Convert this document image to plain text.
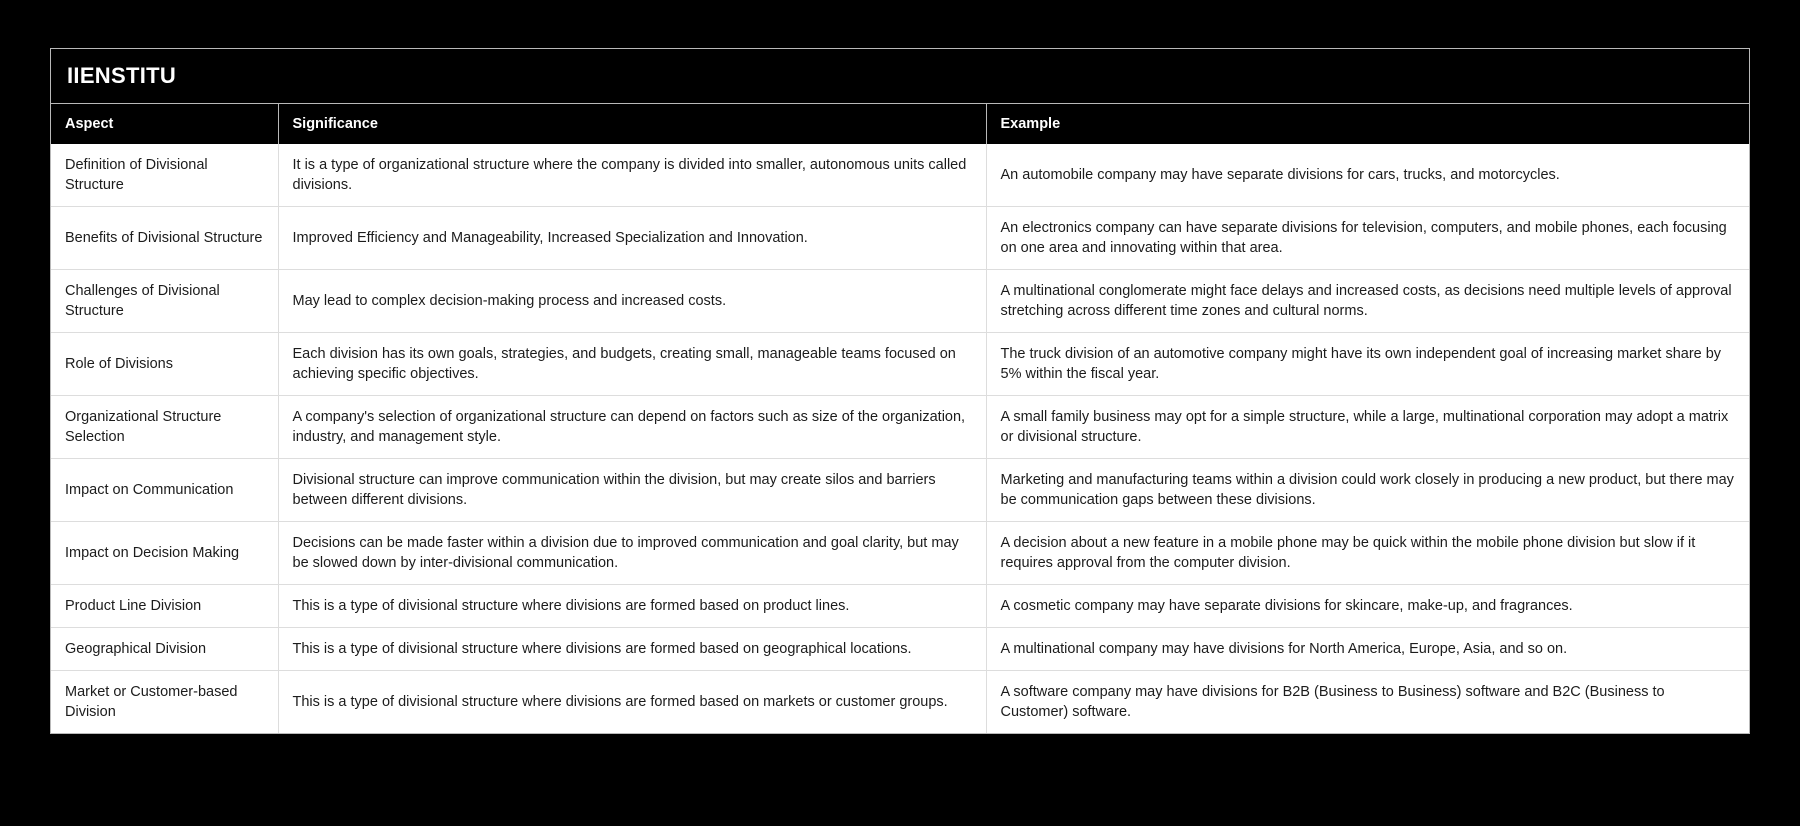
IIENSTITU
Aspect	Significance	Example
Definition of Divisional Structure	It is a type of organizational structure where the company is divided into smaller, autonomous units called divisions.	An automobile company may have separate divisions for cars, trucks, and motorcycles.
Benefits of Divisional Structure	Improved Efficiency and Manageability, Increased Specialization and Innovation.	An electronics company can have separate divisions for television, computers, and mobile phones, each focusing on one area and innovating within that area.
Challenges of Divisional Structure	May lead to complex decision-making process and increased costs.	A multinational conglomerate might face delays and increased costs, as decisions need multiple levels of approval stretching across different time zones and cultural norms.
Role of Divisions	Each division has its own goals, strategies, and budgets, creating small, manageable teams focused on achieving specific objectives.	The truck division of an automotive company might have its own independent goal of increasing market share by 5% within the fiscal year.
Organizational Structure Selection	A company's selection of organizational structure can depend on factors such as size of the organization, industry, and management style.	A small family business may opt for a simple structure, while a large, multinational corporation may adopt a matrix or divisional structure.
Impact on Communication	Divisional structure can improve communication within the division, but may create silos and barriers between different divisions.	Marketing and manufacturing teams within a division could work closely in producing a new product, but there may be communication gaps between these divisions.
Impact on Decision Making	Decisions can be made faster within a division due to improved communication and goal clarity, but may be slowed down by inter-divisional communication.	A decision about a new feature in a mobile phone may be quick within the mobile phone division but slow if it requires approval from the computer division.
Product Line Division	This is a type of divisional structure where divisions are formed based on product lines.	A cosmetic company may have separate divisions for skincare, make-up, and fragrances.
Geographical Division	This is a type of divisional structure where divisions are formed based on geographical locations.	A multinational company may have divisions for North America, Europe, Asia, and so on.
Market or Customer-based Division	This is a type of divisional structure where divisions are formed based on markets or customer groups.	A software company may have divisions for B2B (Business to Business) software and B2C (Business to Customer) software.
